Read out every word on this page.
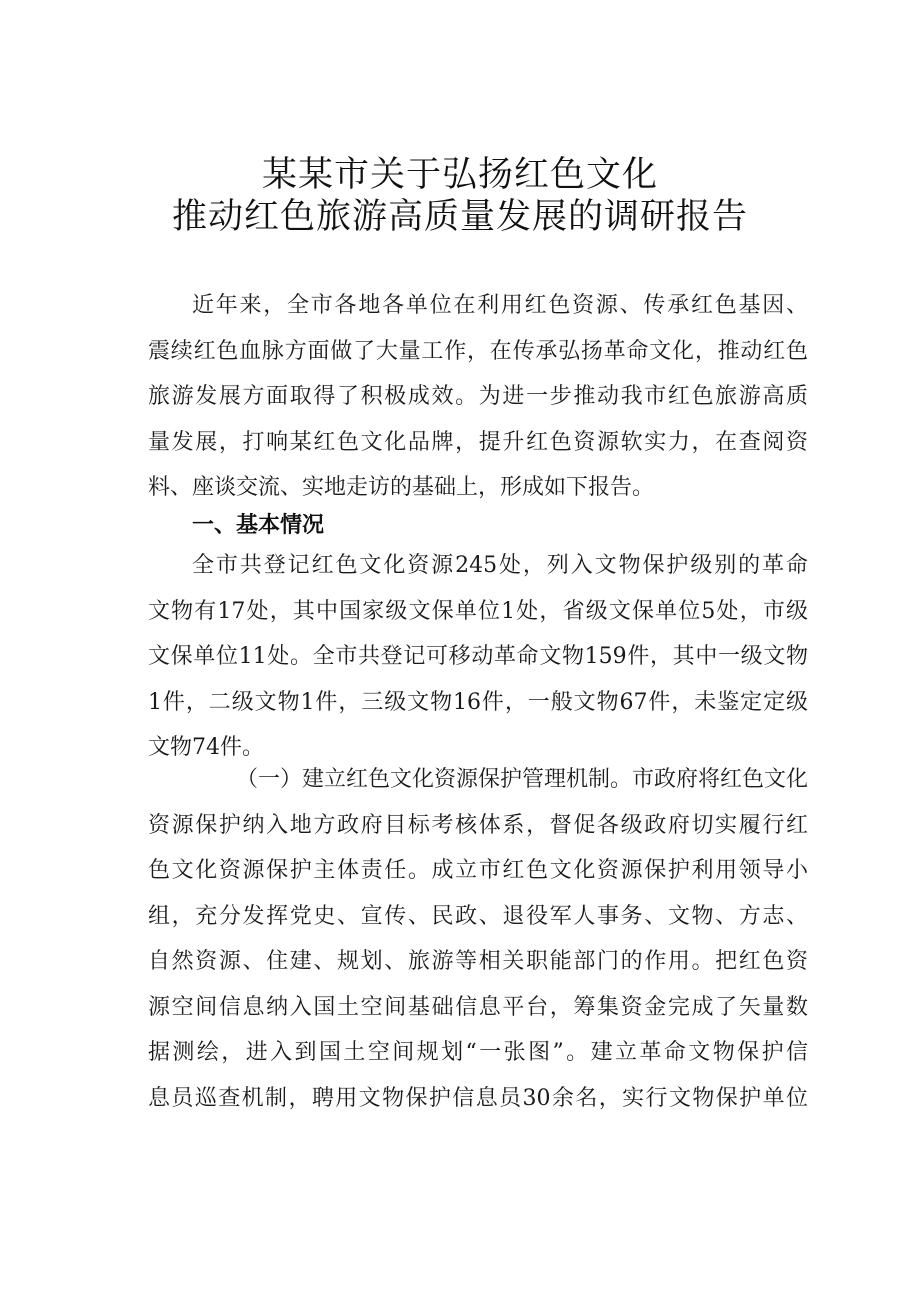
某某市关于弘扬红色文化
推动红色旅游高质量发展的调研报告
近年来，全市各地各单位在利用红色资源、传承红色基因、
震续红色血脉方面做了大量工作，在传承弘扬革命文化，推动红色
旅游发展方面取得了积极成效。为进一步推动我市红色旅游高质
量发展，打响某红色文化品牌，提升红色资源软实力，在查阅资
料、座谈交流、实地走访的基础上，形成如下报告。
一、基本情况
全市共登记红色文化资源245处，列入文物保护级别的革命
文物有17处，其中国家级文保单位1处，省级文保单位5处，市级
文保单位11处。全市共登记可移动革命文物159件，其中一级文物
1件，二级文物1件，三级文物16件，一般文物67件，未鉴定定级
文物74件。
（一）建立红色文化资源保护管理机制。市政府将红色文化
资源保护纳入地方政府目标考核体系，督促各级政府切实履行红
色文化资源保护主体责任。成立市红色文化资源保护利用领导小
组，充分发挥党史、宣传、民政、退役军人事务、文物、方志、
自然资源、住建、规划、旅游等相关职能部门的作用。把红色资
源空间信息纳入国土空间基础信息平台，筹集资金完成了矢量数
据测绘，进入到国土空间规划“一张图”。建立革命文物保护信
息员巡查机制，聘用文物保护信息员30余名，实行文物保护单位
